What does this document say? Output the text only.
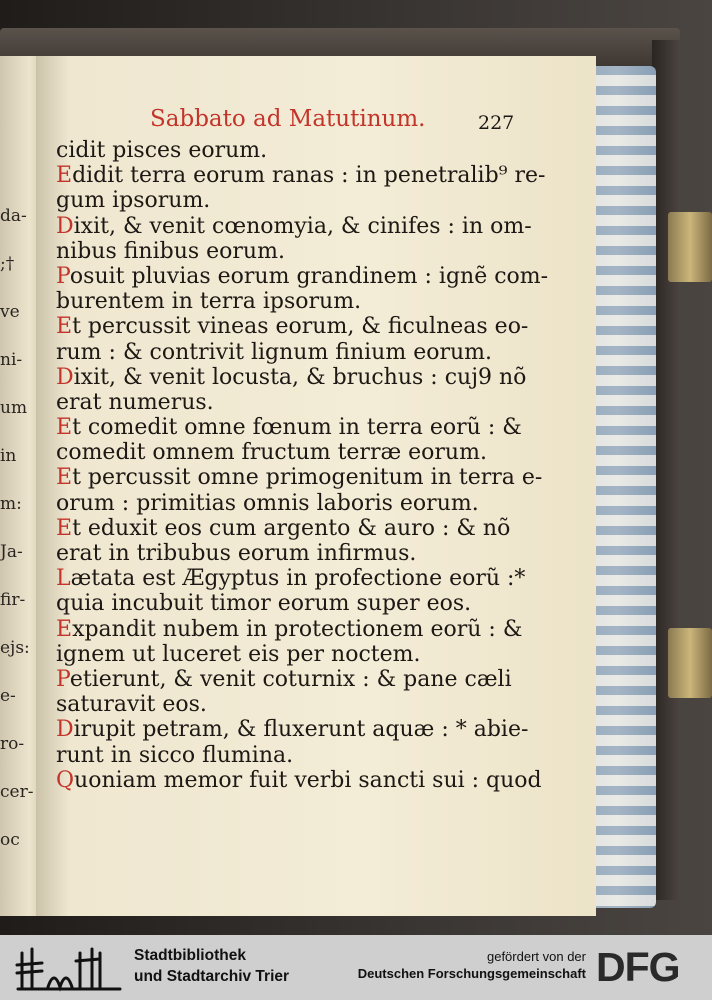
da-
;†
ve
ni-
um
in
m:
Ja-
fir-
ejs:
e-
ro-
cer-
oc
Sabbato ad Matutinum.	227
cidit pisces eorum.
Edidit terra eorum ranas : in penetralib⁹ re-
gum ipsorum.
Dixit, & venit cœnomyia, & cinifes : in om-
nibus finibus eorum.
Posuit pluvias eorum grandinem : ignẽ com-
burentem in terra ipsorum.
Et percussit vineas eorum, & ficulneas eo-
rum : & contrivit lignum finium eorum.
Dixit, & venit locusta, & bruchus : cuj9 nõ
erat numerus.
Et comedit omne fœnum in terra eorũ : &
comedit omnem fructum terræ eorum.
Et percussit omne primogenitum in terra e-
orum : primitias omnis laboris eorum.
Et eduxit eos cum argento & auro : & nõ
erat in tribubus eorum infirmus.
Lætata est Ægyptus in profectione eorũ :*
quia incubuit timor eorum super eos.
Expandit nubem in protectionem eorũ : &
ignem ut luceret eis per noctem.
Petierunt, & venit coturnix : & pane cæli
saturavit eos.
Dirupit petram, & fluxerunt aquæ : * abie-
runt in sicco flumina.
Quoniam memor fuit verbi sancti sui : quod
Stadtbibliothek
und Stadtarchiv Trier
gefördert von der
Deutschen Forschungsgemeinschaft DFG
